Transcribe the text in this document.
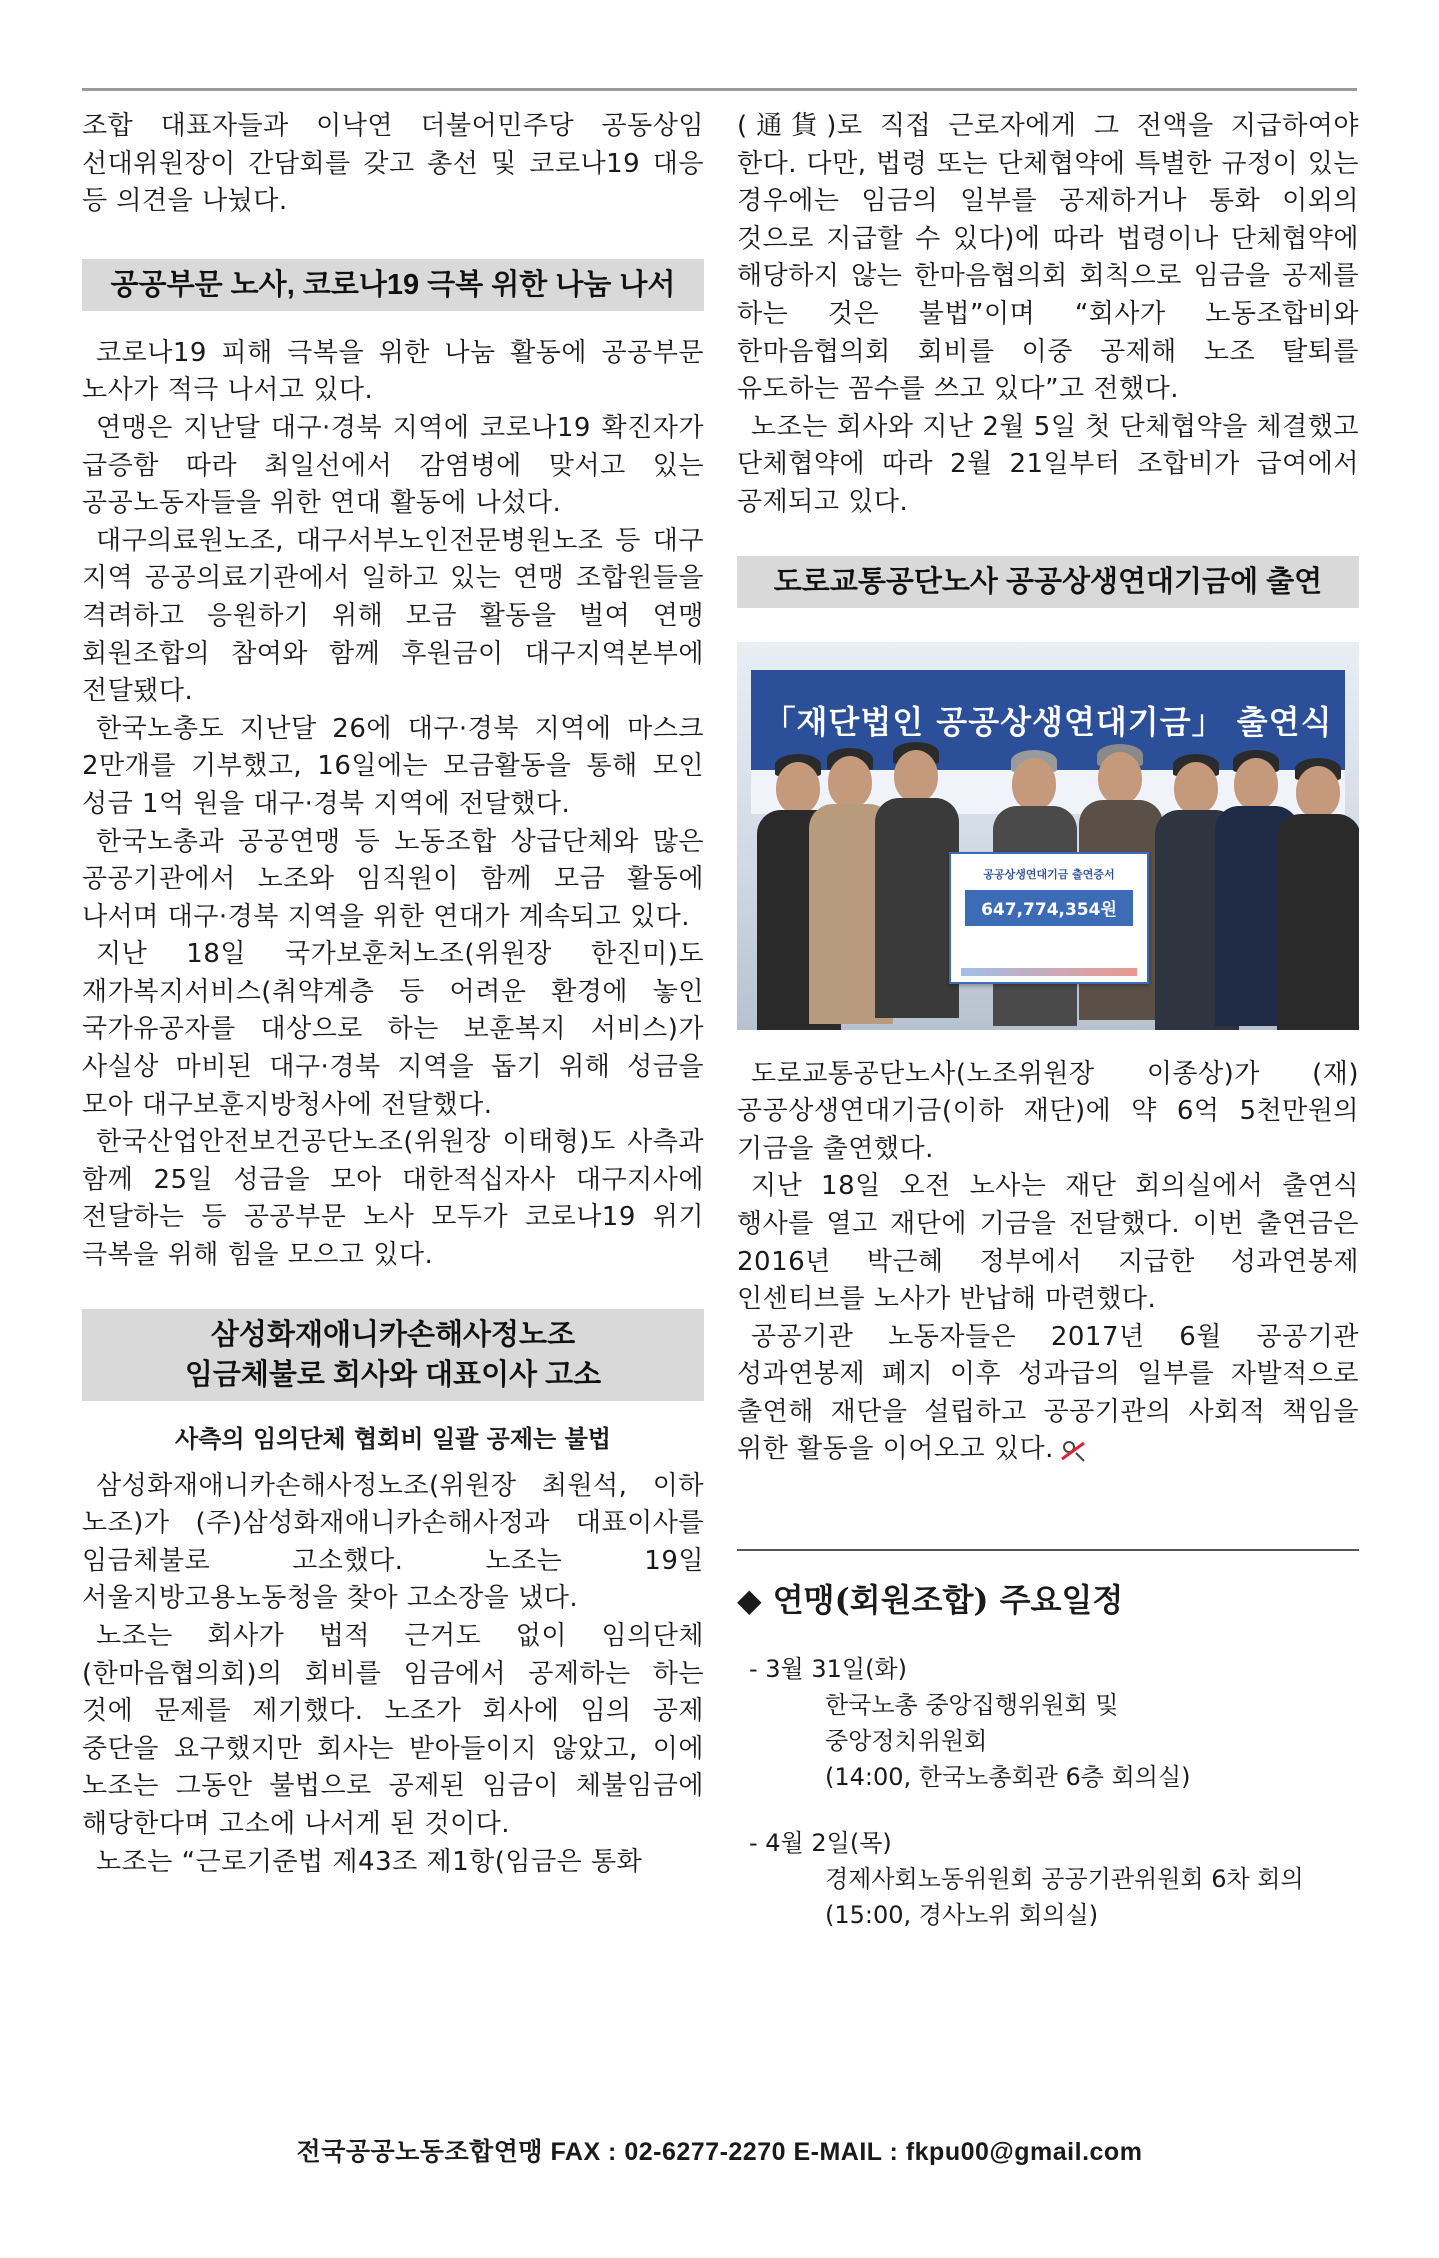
조합 대표자들과 이낙연 더불어민주당 공동상임 선대위원장이 간담회를 갖고 총선 및 코로나19 대응 등 의견을 나눴다.

공공부문 노사, 코로나19 극복 위한 나눔 나서

코로나19 피해 극복을 위한 나눔 활동에 공공부문 노사가 적극 나서고 있다.

연맹은 지난달 대구·경북 지역에 코로나19 확진자가 급증함 따라 최일선에서 감염병에 맞서고 있는 공공노동자들을 위한 연대 활동에 나섰다.

대구의료원노조, 대구서부노인전문병원노조 등 대구 지역 공공의료기관에서 일하고 있는 연맹 조합원들을 격려하고 응원하기 위해 모금 활동을 벌여 연맹 회원조합의 참여와 함께 후원금이 대구지역본부에 전달됐다.

한국노총도 지난달 26에 대구·경북 지역에 마스크 2만개를 기부했고, 16일에는 모금활동을 통해 모인 성금 1억 원을 대구·경북 지역에 전달했다.

한국노총과 공공연맹 등 노동조합 상급단체와 많은 공공기관에서 노조와 임직원이 함께 모금 활동에 나서며 대구·경북 지역을 위한 연대가 계속되고 있다.

지난 18일 국가보훈처노조(위원장 한진미)도 재가복지서비스(취약계층 등 어려운 환경에 놓인 국가유공자를 대상으로 하는 보훈복지 서비스)가 사실상 마비된 대구·경북 지역을 돕기 위해 성금을 모아 대구보훈지방청사에 전달했다.

한국산업안전보건공단노조(위원장 이태형)도 사측과 함께 25일 성금을 모아 대한적십자사 대구지사에 전달하는 등 공공부문 노사 모두가 코로나19 위기 극복을 위해 힘을 모으고 있다.

삼성화재애니카손해사정노조
임금체불로 회사와 대표이사 고소
사측의 임의단체 협회비 일괄 공제는 불법

삼성화재애니카손해사정노조(위원장 최원석, 이하 노조)가 (주)삼성화재애니카손해사정과 대표이사를 임금체불로 고소했다. 노조는 19일 서울지방고용노동청을 찾아 고소장을 냈다.

노조는 회사가 법적 근거도 없이 임의단체(한마음협의회)의 회비를 임금에서 공제하는 하는 것에 문제를 제기했다. 노조가 회사에 임의 공제 중단을 요구했지만 회사는 받아들이지 않았고, 이에 노조는 그동안 불법으로 공제된 임금이 체불임금에 해당한다며 고소에 나서게 된 것이다.

노조는 “근로기준법 제43조 제1항(임금은 통화

(通貨)로 직접 근로자에게 그 전액을 지급하여야 한다. 다만, 법령 또는 단체협약에 특별한 규정이 있는 경우에는 임금의 일부를 공제하거나 통화 이외의 것으로 지급할 수 있다)에 따라 법령이나 단체협약에 해당하지 않는 한마음협의회 회칙으로 임금을 공제를 하는 것은 불법”이며 “회사가 노동조합비와 한마음협의회 회비를 이중 공제해 노조 탈퇴를 유도하는 꼼수를 쓰고 있다”고 전했다.

노조는 회사와 지난 2월 5일 첫 단체협약을 체결했고 단체협약에 따라 2월 21일부터 조합비가 급여에서 공제되고 있다.

도로교통공단노사 공공상생연대기금에 출연
「재단법인 공공상생연대기금」 출연식
공공상생연대기금 출연증서
647,774,354원

도로교통공단노사(노조위원장 이종상)가 (재)공공상생연대기금(이하 재단)에 약 6억 5천만원의 기금을 출연했다.

지난 18일 오전 노사는 재단 회의실에서 출연식 행사를 열고 재단에 기금을 전달했다. 이번 출연금은 2016년 박근혜 정부에서 지급한 성과연봉제 인센티브를 노사가 반납해 마련했다.

공공기관 노동자들은 2017년 6월 공공기관 성과연봉제 폐지 이후 성과급의 일부를 자발적으로 출연해 재단을 설립하고 공공기관의 사회적 책임을 위한 활동을 이어오고 있다.

◆ 연맹(회원조합) 주요일정
- 3월 31일(화)
한국노총 중앙집행위원회 및
중앙정치위원회
(14:00, 한국노총회관 6층 회의실)
- 4월 2일(목)
경제사회노동위원회 공공기관위원회 6차 회의
(15:00, 경사노위 회의실)
전국공공노동조합연맹 FAX : 02-6277-2270 E-MAIL : fkpu00@gmail.com
